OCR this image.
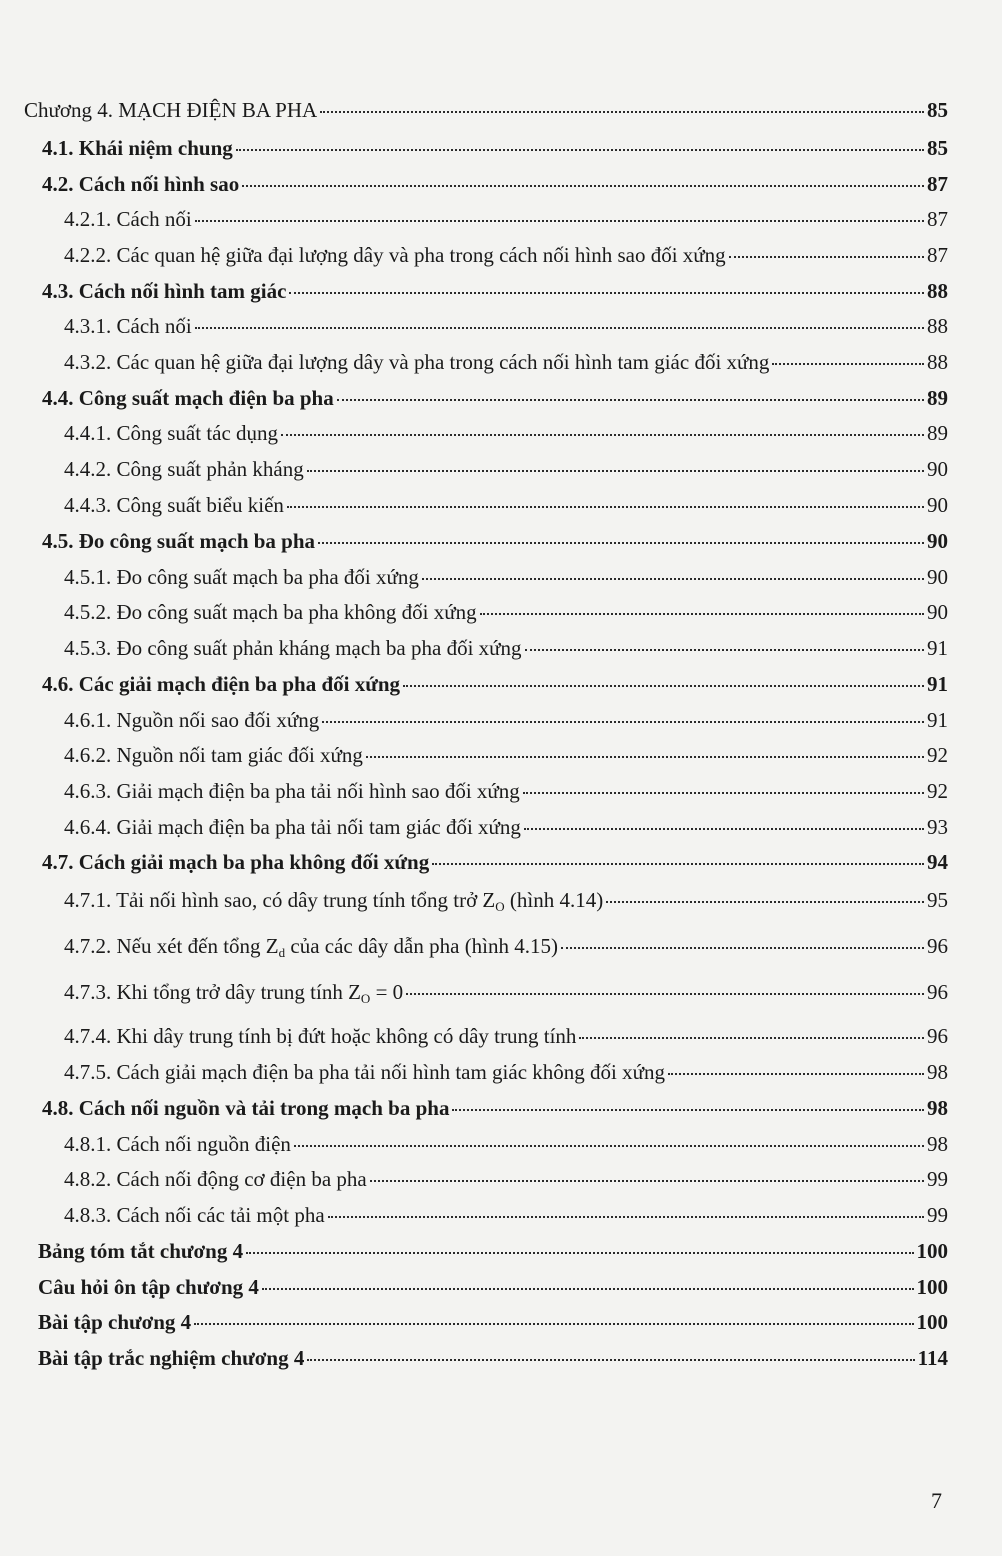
Chương 4. MẠCH ĐIỆN BA PHA	85
4.1. Khái niệm chung	85
4.2. Cách nối hình sao	87
4.2.1. Cách nối	87
4.2.2. Các quan hệ giữa đại lượng dây và pha trong cách nối hình sao đối xứng	87
4.3. Cách nối hình tam giác	88
4.3.1. Cách nối	88
4.3.2. Các quan hệ giữa đại lượng dây và pha trong cách nối hình tam giác đối xứng	88
4.4. Công suất mạch điện ba pha	89
4.4.1. Công suất tác dụng	89
4.4.2. Công suất phản kháng	90
4.4.3. Công suất biểu kiến	90
4.5. Đo công suất mạch ba pha	90
4.5.1. Đo công suất mạch ba pha đối xứng	90
4.5.2. Đo công suất mạch ba pha không đối xứng	90
4.5.3. Đo công suất phản kháng mạch ba pha đối xứng	91
4.6. Các giải mạch điện ba pha đối xứng	91
4.6.1. Nguồn nối sao đối xứng	91
4.6.2. Nguồn nối tam giác đối xứng	92
4.6.3. Giải mạch điện ba pha tải nối hình sao đối xứng	92
4.6.4. Giải mạch điện ba pha tải nối tam giác đối xứng	93
4.7. Cách giải mạch ba pha không đối xứng	94
4.7.1. Tải nối hình sao, có dây trung tính tổng trở $Z_O$ (hình 4.14)	95
4.7.2. Nếu xét đến tổng $Z_d$ của các dây dẫn pha (hình 4.15)	96
4.7.3. Khi tổng trở dây trung tính $Z_O = 0$	96
4.7.4. Khi dây trung tính bị đứt hoặc không có dây trung tính	96
4.7.5. Cách giải mạch điện ba pha tải nối hình tam giác không đối xứng	98
4.8. Cách nối nguồn và tải trong mạch ba pha	98
4.8.1. Cách nối nguồn điện	98
4.8.2. Cách nối động cơ điện ba pha	99
4.8.3. Cách nối các tải một pha	99
Bảng tóm tắt chương 4	100
Câu hỏi ôn tập chương 4	100
Bài tập chương 4	100
Bài tập trắc nghiệm chương 4	114
7
